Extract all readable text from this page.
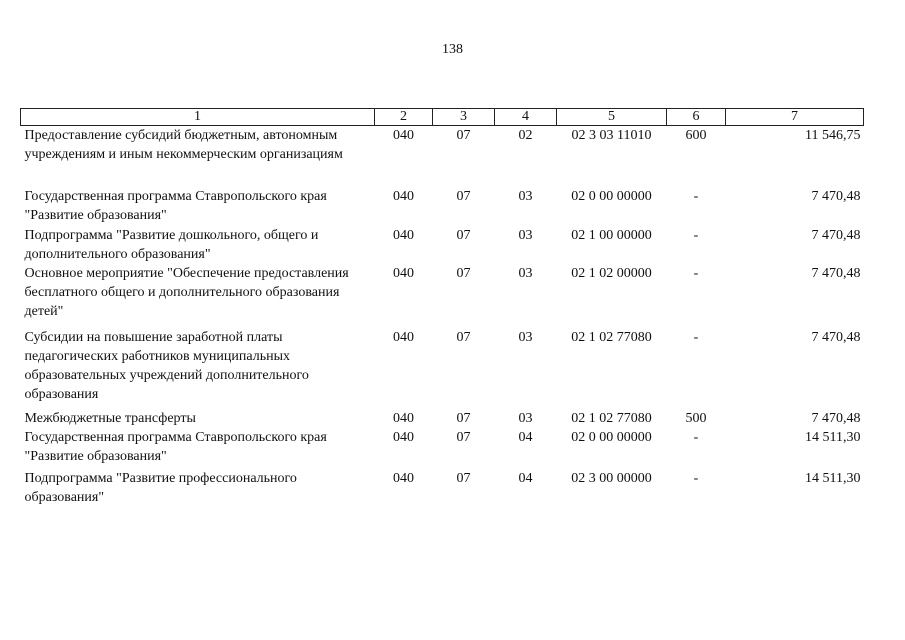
138
1	2	3	4	5	6	7
Предоставление субсидий бюджетным, автономным учреждениям и иным некоммерческим организациям	040	07	02	02 3 03 11010	600	11 546,75
Государственная программа Ставропольского края "Развитие образования"	040	07	03	02 0 00 00000	-	7 470,48
Подпрограмма "Развитие дошкольного, общего и дополнительного образования"	040	07	03	02 1 00 00000	-	7 470,48
Основное мероприятие "Обеспечение предоставления бесплатного общего и дополнительного образования детей"	040	07	03	02 1 02 00000	-	7 470,48
Субсидии на повышение заработной платы педагогических работников муниципальных образовательных учреждений дополнительного образования	040	07	03	02 1 02 77080	-	7 470,48
Межбюджетные трансферты	040	07	03	02 1 02 77080	500	7 470,48
Государственная программа Ставропольского края "Развитие образования"	040	07	04	02 0 00 00000	-	14 511,30
Подпрограмма "Развитие профессионального образования"	040	07	04	02 3 00 00000	-	14 511,30
